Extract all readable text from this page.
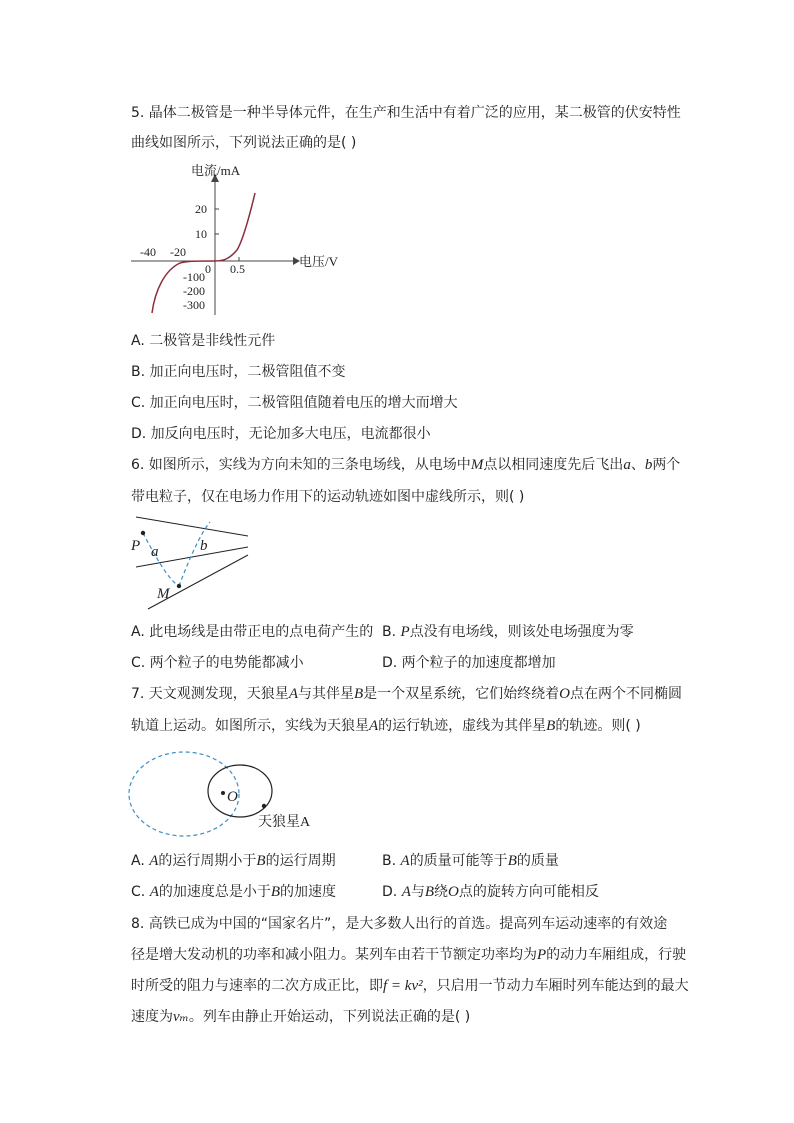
5. 晶体二极管是一种半导体元件，在生产和生活中有着广泛的应用，某二极管的伏安特性
曲线如图所示，下列说法正确的是( )
电流/mA
电压/V
20
10
-40 -20
0 0.5
-100
-200
-300
A. 二极管是非线性元件
B. 加正向电压时，二极管阻值不变
C. 加正向电压时，二极管阻值随着电压的增大而增大
D. 加反向电压时，无论加多大电压，电流都很小
6. 如图所示，实线为方向未知的三条电场线，从电场中M点以相同速度先后飞出a、b两个
带电粒子，仅在电场力作用下的运动轨迹如图中虚线所示，则( )
P a	b
M
A. 此电场线是由带正电的点电荷产生的 B. P点没有电场线，则该处电场强度为零
C. 两个粒子的电势能都减小	D. 两个粒子的加速度都增加
7. 天文观测发现，天狼星A与其伴星B是一个双星系统，它们始终绕着O点在两个不同椭圆
轨道上运动。如图所示，实线为天狼星A的运行轨迹，虚线为其伴星B的轨迹。则( )
O
天狼星A
A. A的运行周期小于B的运行周期	B. A的质量可能等于B的质量
C. A的加速度总是小于B的加速度	D. A与B绕O点的旋转方向可能相反
8. 高铁已成为中国的“国家名片”，是大多数人出行的首选。提高列车运动速率的有效途
径是增大发动机的功率和减小阻力。某列车由若干节额定功率均为P的动力车厢组成，行驶
时所受的阻力与速率的二次方成正比，即f = kv²，只启用一节动力车厢时列车能达到的最大
速度为vₘ。列车由静止开始运动，下列说法正确的是( )
